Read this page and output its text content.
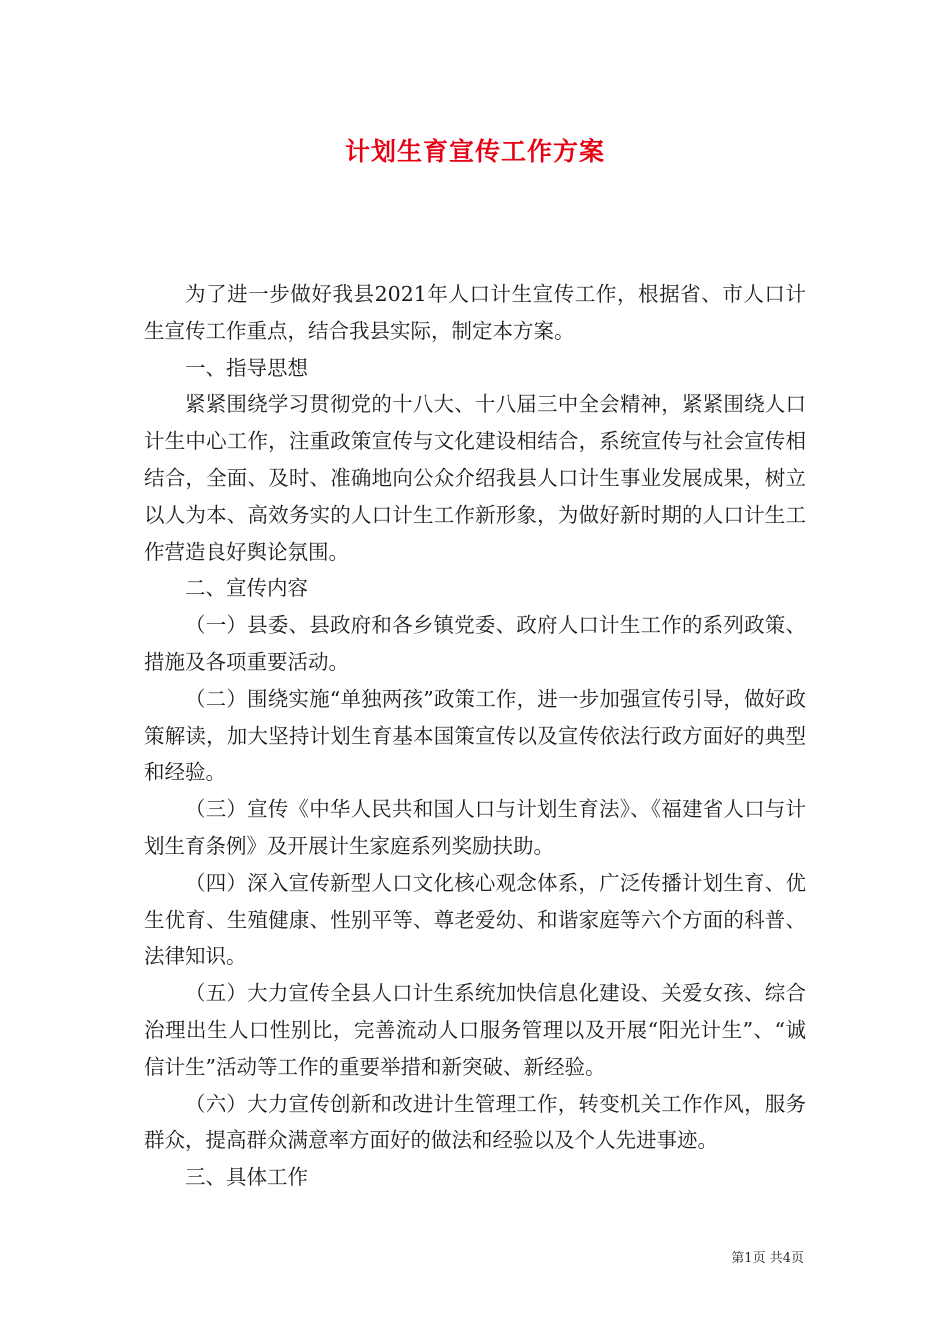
计划生育宣传工作方案

为了进一步做好我县2021年人口计生宣传工作，根据省、市人口计生宣传工作重点，结合我县实际，制定本方案。

一、指导思想

紧紧围绕学习贯彻党的十八大、十八届三中全会精神，紧紧围绕人口计生中心工作，注重政策宣传与文化建设相结合，系统宣传与社会宣传相结合，全面、及时、准确地向公众介绍我县人口计生事业发展成果，树立以人为本、高效务实的人口计生工作新形象，为做好新时期的人口计生工作营造良好舆论氛围。

二、宣传内容

（一）县委、县政府和各乡镇党委、政府人口计生工作的系列政策、措施及各项重要活动。

（二）围绕实施“单独两孩”政策工作，进一步加强宣传引导，做好政策解读，加大坚持计划生育基本国策宣传以及宣传依法行政方面好的典型和经验。

（三）宣传《中华人民共和国人口与计划生育法》、《福建省人口与计划生育条例》及开展计生家庭系列奖励扶助。

（四）深入宣传新型人口文化核心观念体系，广泛传播计划生育、优生优育、生殖健康、性别平等、尊老爱幼、和谐家庭等六个方面的科普、法律知识。

（五）大力宣传全县人口计生系统加快信息化建设、关爱女孩、综合治理出生人口性别比，完善流动人口服务管理以及开展“阳光计生”、“诚信计生”活动等工作的重要举措和新突破、新经验。

（六）大力宣传创新和改进计生管理工作，转变机关工作作风，服务群众，提高群众满意率方面好的做法和经验以及个人先进事迹。

三、具体工作

第1页 共4页
